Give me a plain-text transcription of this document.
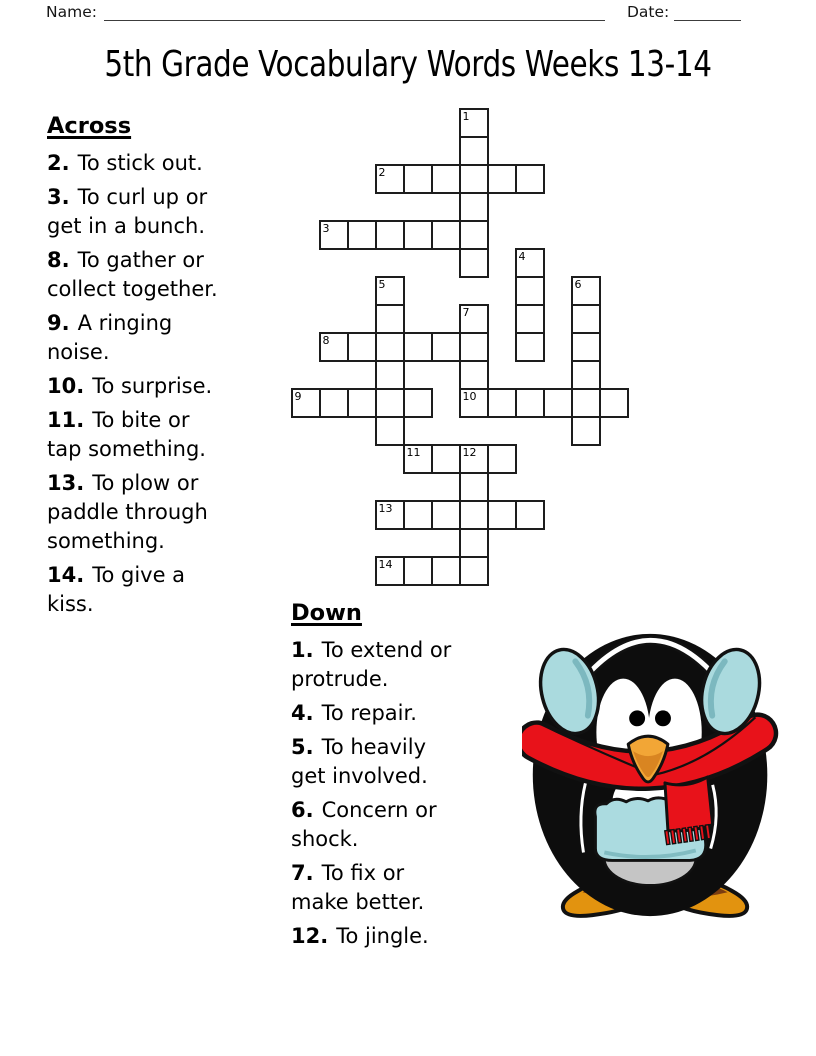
Name:	Date:
5th Grade Vocabulary Words Weeks 13-14
Across

2. To stick out.

3. To curl up or
get in a bunch.

8. To gather or
collect together.

9. A ringing
noise.

10. To surprise.

11. To bite or
tap something.

13. To plow or
paddle through
something.

14. To give a
kiss.

1
2
3
4
5	6
7
10
8
9
11	12
13
14
Down

1. To extend or
protrude.

4. To repair.

5. To heavily
get involved.

6. Concern or
shock.

7. To fix or
make better.

12. To jingle.
